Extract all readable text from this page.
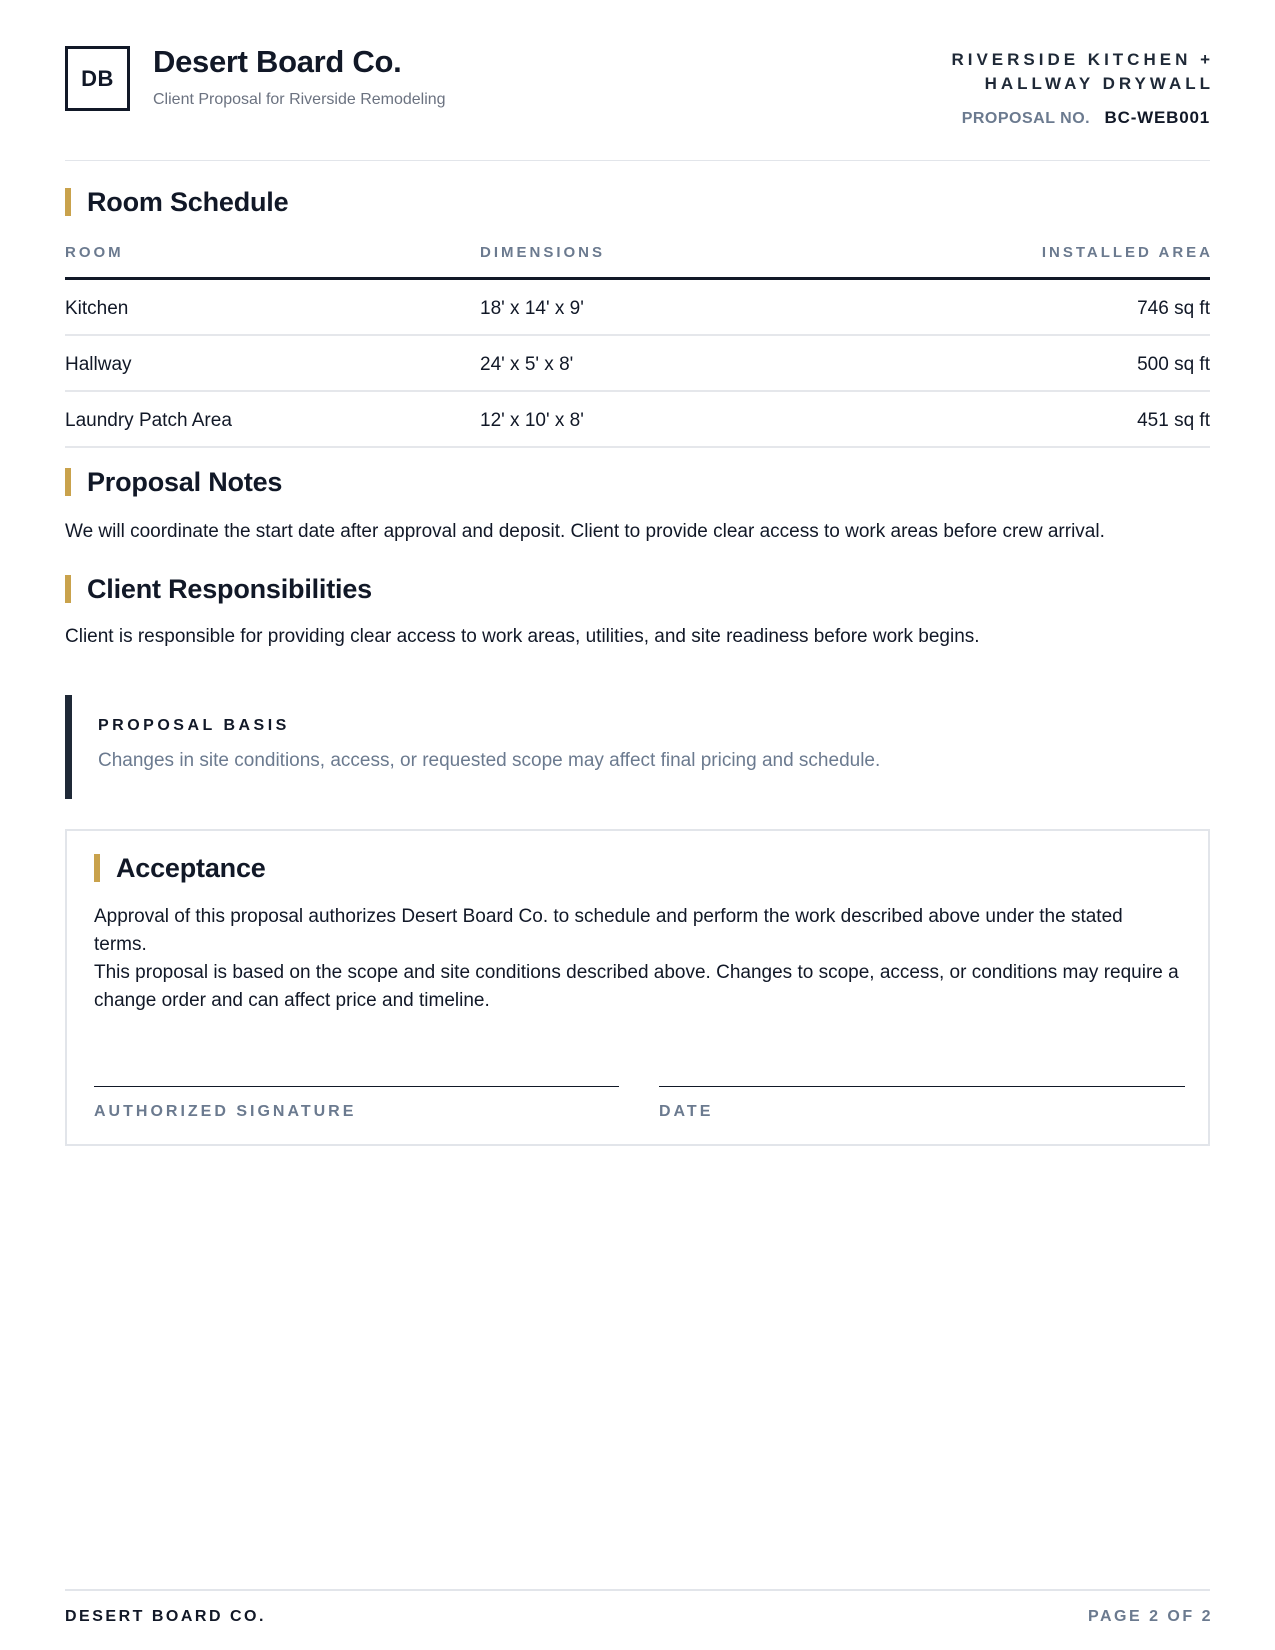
DB	Desert Board Co.
Client Proposal for Riverside Remodeling
RIVERSIDE KITCHEN +
HALLWAY DRYWALL
PROPOSAL NO. BC-WEB001
Room Schedule
ROOM	DIMENSIONS	INSTALLED AREA
Kitchen	18' x 14' x 9'	746 sq ft
Hallway	24' x 5' x 8'	500 sq ft
Laundry Patch Area	12' x 10' x 8'	451 sq ft
Proposal Notes
We will coordinate the start date after approval and deposit. Client to provide clear access to work areas before crew arrival.
Client Responsibilities
Client is responsible for providing clear access to work areas, utilities, and site readiness before work begins.
PROPOSAL BASIS
Changes in site conditions, access, or requested scope may affect final pricing and schedule.
Acceptance
Approval of this proposal authorizes Desert Board Co. to schedule and perform the work described above under the stated terms.
This proposal is based on the scope and site conditions described above. Changes to scope, access, or conditions may require a change order and can affect price and timeline.
AUTHORIZED SIGNATURE	DATE
DESERT BOARD CO.	PAGE 2 OF 2
